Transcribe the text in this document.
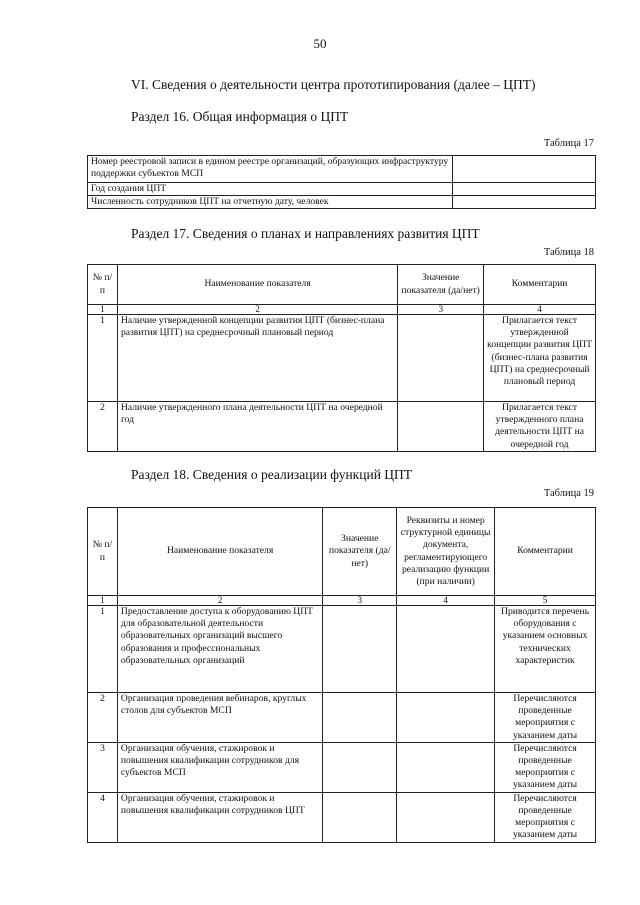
50
VI. Сведения о деятельности центра прототипирования (далее – ЦПТ)
Раздел 16. Общая информация о ЦПТ
Таблица 17
Номер реестровой записи в едином реестре организаций, образующих инфраструктуру поддержки субъектов МСП	
Год создания ЦПТ	
Численность сотрудников ЦПТ на отчетную дату, человек	
Раздел 17. Сведения о планах и направлениях развития ЦПТ
Таблица 18
№ п/п	Наименование показателя	Значение показателя (да/нет)	Комментарии
1	2	3	4
1	Наличие утвержденной концепции развития ЦПТ (бизнес-плана развития ЦПТ) на среднесрочный плановый период		Прилагается текст утвержденной концепции развития ЦПТ (бизнес-плана развития ЦПТ) на среднесрочный плановый период
2	Наличие утвержденного плана деятельности ЦПТ на очередной год		Прилагается текст утвержденного плана деятельности ЦПТ на очередной год
Раздел 18. Сведения о реализации функций ЦПТ
Таблица 19
№ п/п	Наименование показателя	Значение показателя (да/нет)	Реквизиты и номер структурной единицы документа, регламентирующего реализацию функции (при наличии)	Комментарии
1	2	3	4	5
1	Предоставление доступа к оборудованию ЦПТ для образовательной деятельности образовательных организаций высшего образования и профессиональных образовательных организаций			Приводится перечень оборудования с указанием основных технических характеристик
2	Организация проведения вебинаров, круглых столов для субъектов МСП			Перечисляются проведенные мероприятия с указанием даты
3	Организация обучения, стажировок и повышения квалификации сотрудников для субъектов МСП			Перечисляются проведенные мероприятия с указанием даты
4	Организация обучения, стажировок и повышения квалификации сотрудников ЦПТ			Перечисляются проведенные мероприятия с указанием даты
